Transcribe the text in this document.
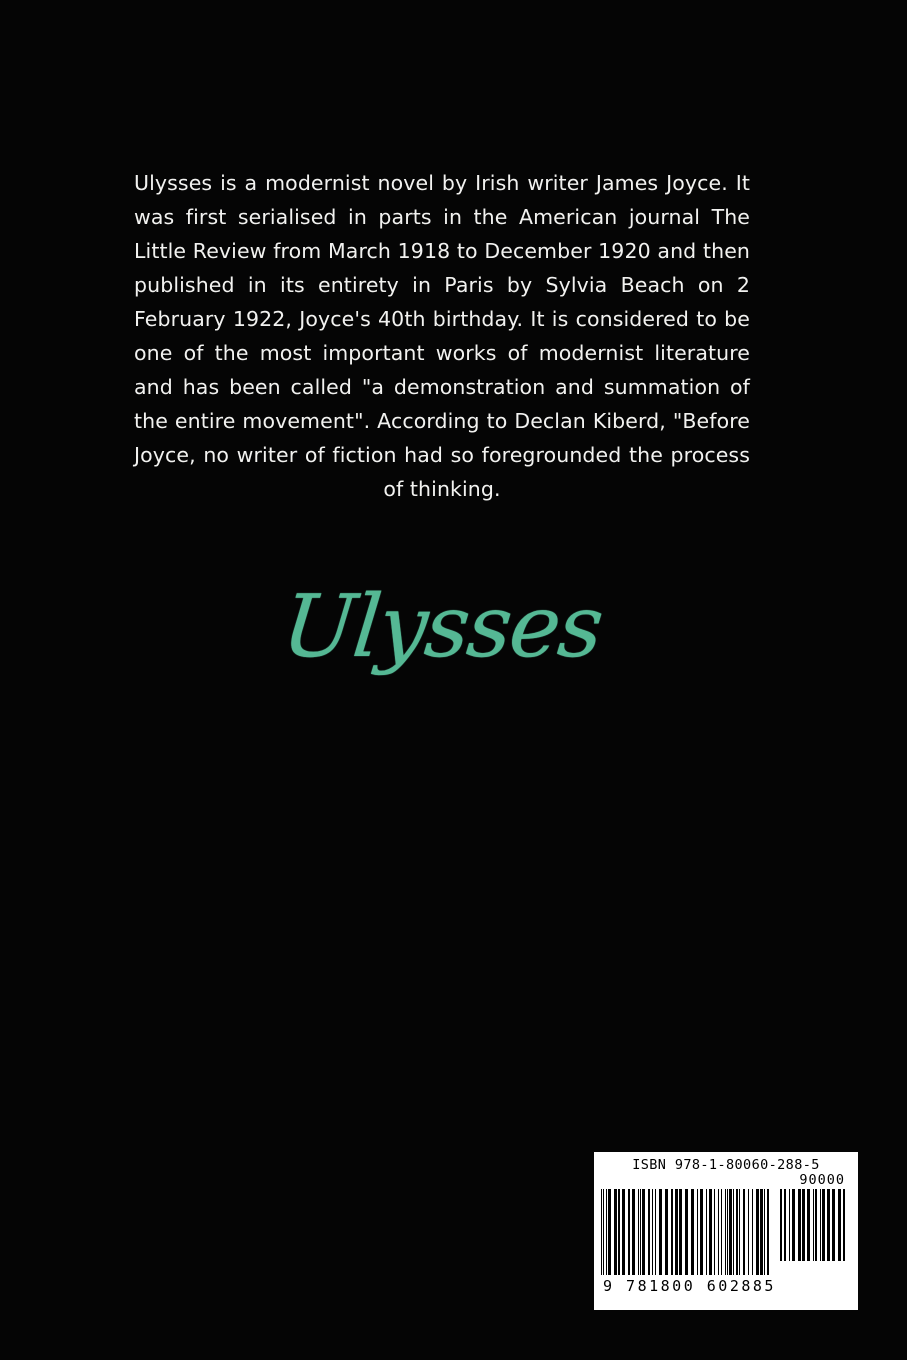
Ulysses is a modernist novel by Irish writer James Joyce. It was first serialised in parts in the American journal The Little Review from March 1918 to December 1920 and then published in its entirety in Paris by Sylvia Beach on 2 February 1922, Joyce's 40th birthday. It is considered to be one of the most important works of modernist literature and has been called "a demonstration and summation of the entire movement". According to Declan Kiberd, "Before Joyce, no writer of fiction had so foregrounded the process of thinking.
Ulysses
ISBN 978-1-80060-288-5
90000
9 781800 602885
